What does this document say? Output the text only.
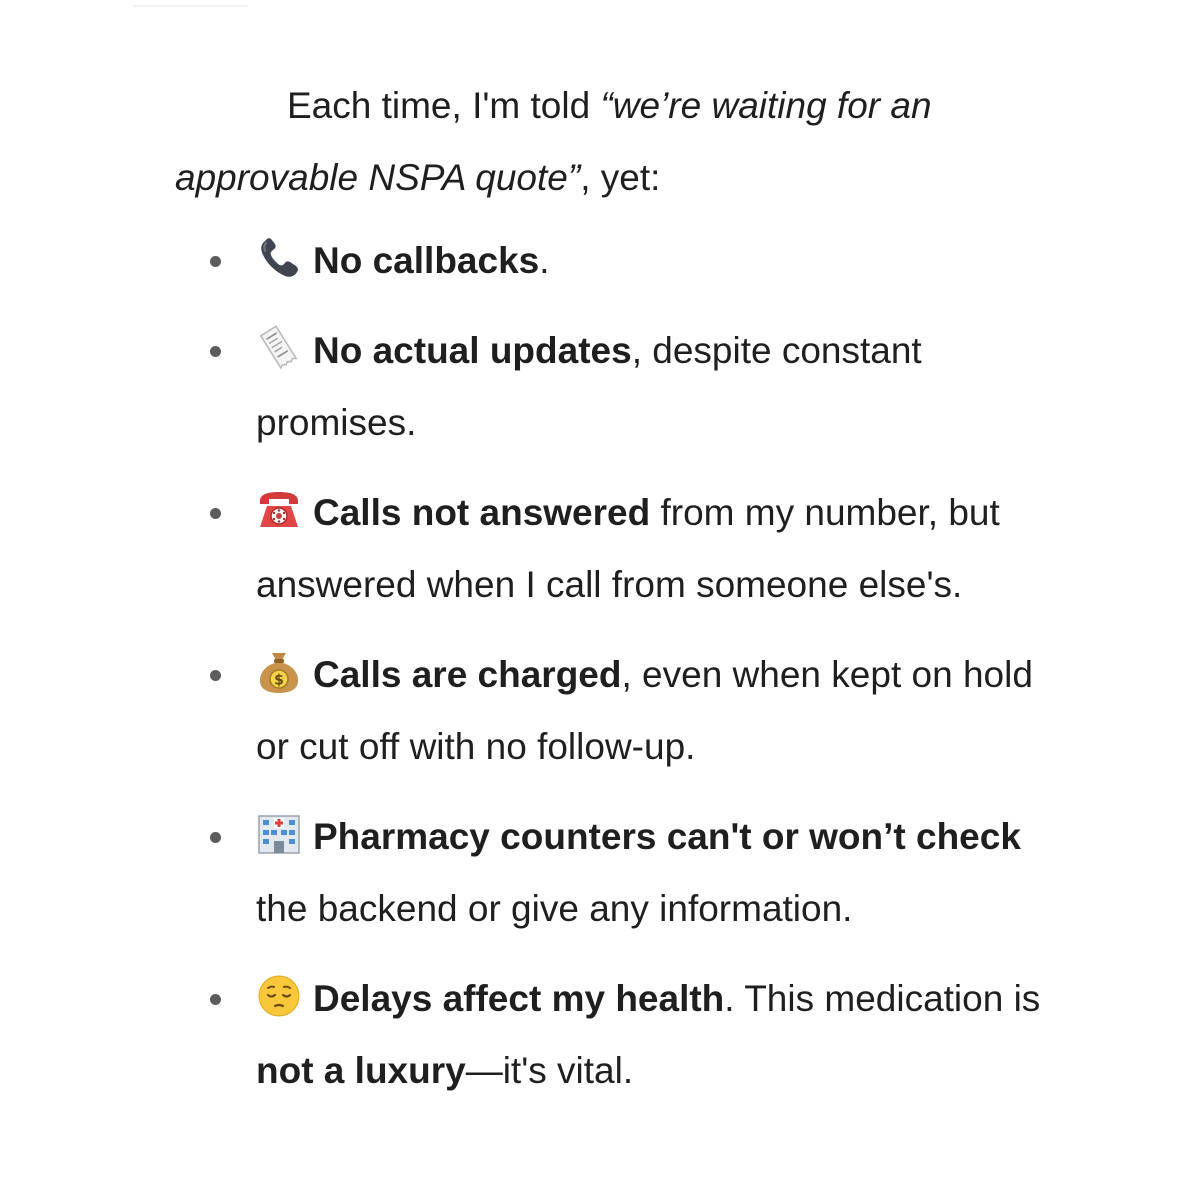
Each time, I'm told “we’re waiting for an approvable NSPA quote”, yet:

No callbacks.
No actual updates, despite constant promises.
Calls not answered from my number, but answered when I call from someone else's.
$ Calls are charged, even when kept on hold or cut off with no follow-up.
Pharmacy counters can't or won’t check the backend or give any information.
Delays affect my health. This medication is not a luxury—it's vital.
